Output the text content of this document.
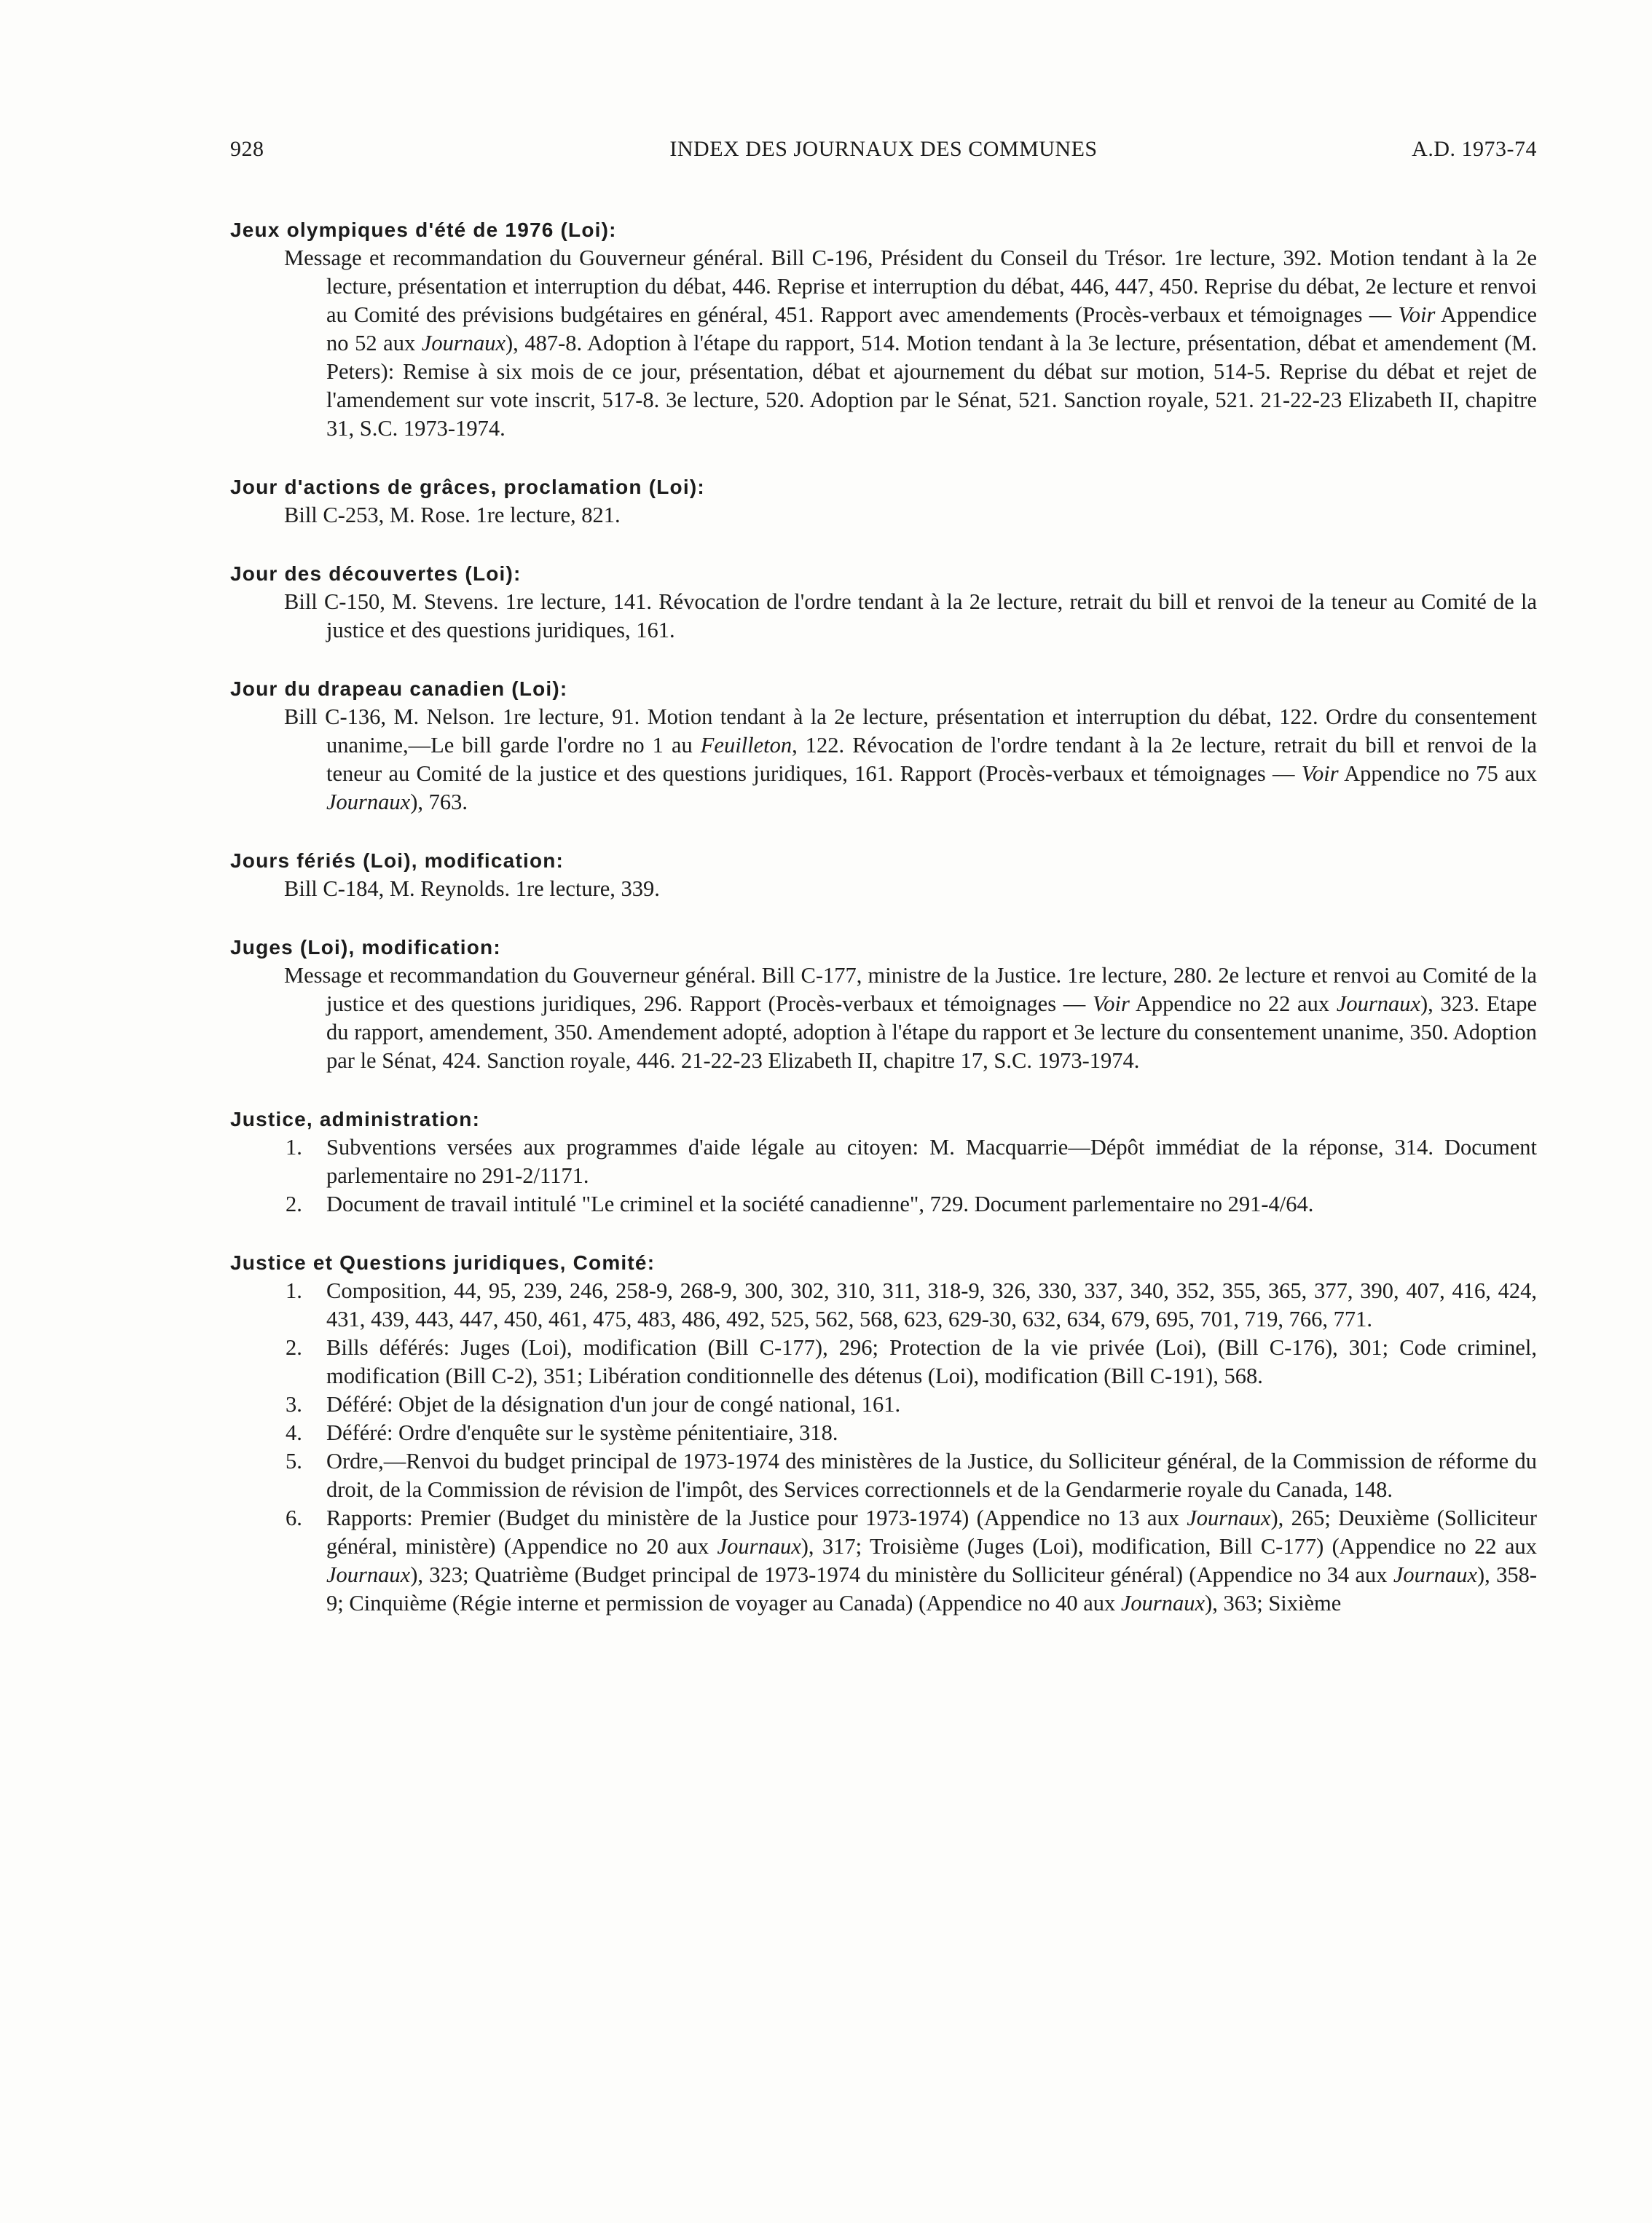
928	INDEX DES JOURNAUX DES COMMUNES	A.D. 1973-74
Jeux olympiques d'été de 1976 (Loi):
Message et recommandation du Gouverneur général. Bill C-196, Président du Conseil du Trésor. 1re lecture, 392. Motion tendant à la 2e lecture, présentation et interruption du débat, 446. Reprise et interruption du débat, 446, 447, 450. Reprise du débat, 2e lecture et renvoi au Comité des prévisions budgétaires en général, 451. Rapport avec amendements (Procès-verbaux et témoignages — Voir Appendice no 52 aux Journaux), 487-8. Adoption à l'étape du rapport, 514. Motion tendant à la 3e lecture, présentation, débat et amendement (M. Peters): Remise à six mois de ce jour, présentation, débat et ajournement du débat sur motion, 514-5. Reprise du débat et rejet de l'amendement sur vote inscrit, 517-8. 3e lecture, 520. Adoption par le Sénat, 521. Sanction royale, 521. 21-22-23 Elizabeth II, chapitre 31, S.C. 1973-1974.
Jour d'actions de grâces, proclamation (Loi):
Bill C-253, M. Rose. 1re lecture, 821.
Jour des découvertes (Loi):
Bill C-150, M. Stevens. 1re lecture, 141. Révocation de l'ordre tendant à la 2e lecture, retrait du bill et renvoi de la teneur au Comité de la justice et des questions juridiques, 161.
Jour du drapeau canadien (Loi):
Bill C-136, M. Nelson. 1re lecture, 91. Motion tendant à la 2e lecture, présentation et interruption du débat, 122. Ordre du consentement unanime,—Le bill garde l'ordre no 1 au Feuilleton, 122. Révocation de l'ordre tendant à la 2e lecture, retrait du bill et renvoi de la teneur au Comité de la justice et des questions juridiques, 161. Rapport (Procès-verbaux et témoignages — Voir Appendice no 75 aux Journaux), 763.
Jours fériés (Loi), modification:
Bill C-184, M. Reynolds. 1re lecture, 339.
Juges (Loi), modification:
Message et recommandation du Gouverneur général. Bill C-177, ministre de la Justice. 1re lecture, 280. 2e lecture et renvoi au Comité de la justice et des questions juridiques, 296. Rapport (Procès-verbaux et témoignages — Voir Appendice no 22 aux Journaux), 323. Etape du rapport, amendement, 350. Amendement adopté, adoption à l'étape du rapport et 3e lecture du consentement unanime, 350. Adoption par le Sénat, 424. Sanction royale, 446. 21-22-23 Elizabeth II, chapitre 17, S.C. 1973-1974.
Justice, administration:
1. Subventions versées aux programmes d'aide légale au citoyen: M. Macquarrie—Dépôt immédiat de la réponse, 314. Document parlementaire no 291-2/1171.
2. Document de travail intitulé "Le criminel et la société canadienne", 729. Document parlementaire no 291-4/64.
Justice et Questions juridiques, Comité:
1. Composition, 44, 95, 239, 246, 258-9, 268-9, 300, 302, 310, 311, 318-9, 326, 330, 337, 340, 352, 355, 365, 377, 390, 407, 416, 424, 431, 439, 443, 447, 450, 461, 475, 483, 486, 492, 525, 562, 568, 623, 629-30, 632, 634, 679, 695, 701, 719, 766, 771.
2. Bills déférés: Juges (Loi), modification (Bill C-177), 296; Protection de la vie privée (Loi), (Bill C-176), 301; Code criminel, modification (Bill C-2), 351; Libération conditionnelle des détenus (Loi), modification (Bill C-191), 568.
3. Déféré: Objet de la désignation d'un jour de congé national, 161.
4. Déféré: Ordre d'enquête sur le système pénitentiaire, 318.
5. Ordre,—Renvoi du budget principal de 1973-1974 des ministères de la Justice, du Solliciteur général, de la Commission de réforme du droit, de la Commission de révision de l'impôt, des Services correctionnels et de la Gendarmerie royale du Canada, 148.
6. Rapports: Premier (Budget du ministère de la Justice pour 1973-1974) (Appendice no 13 aux Journaux), 265; Deuxième (Solliciteur général, ministère) (Appendice no 20 aux Journaux), 317; Troisième (Juges (Loi), modification, Bill C-177) (Appendice no 22 aux Journaux), 323; Quatrième (Budget principal de 1973-1974 du ministère du Solliciteur général) (Appendice no 34 aux Journaux), 358-9; Cinquième (Régie interne et permission de voyager au Canada) (Appendice no 40 aux Journaux), 363; Sixième
